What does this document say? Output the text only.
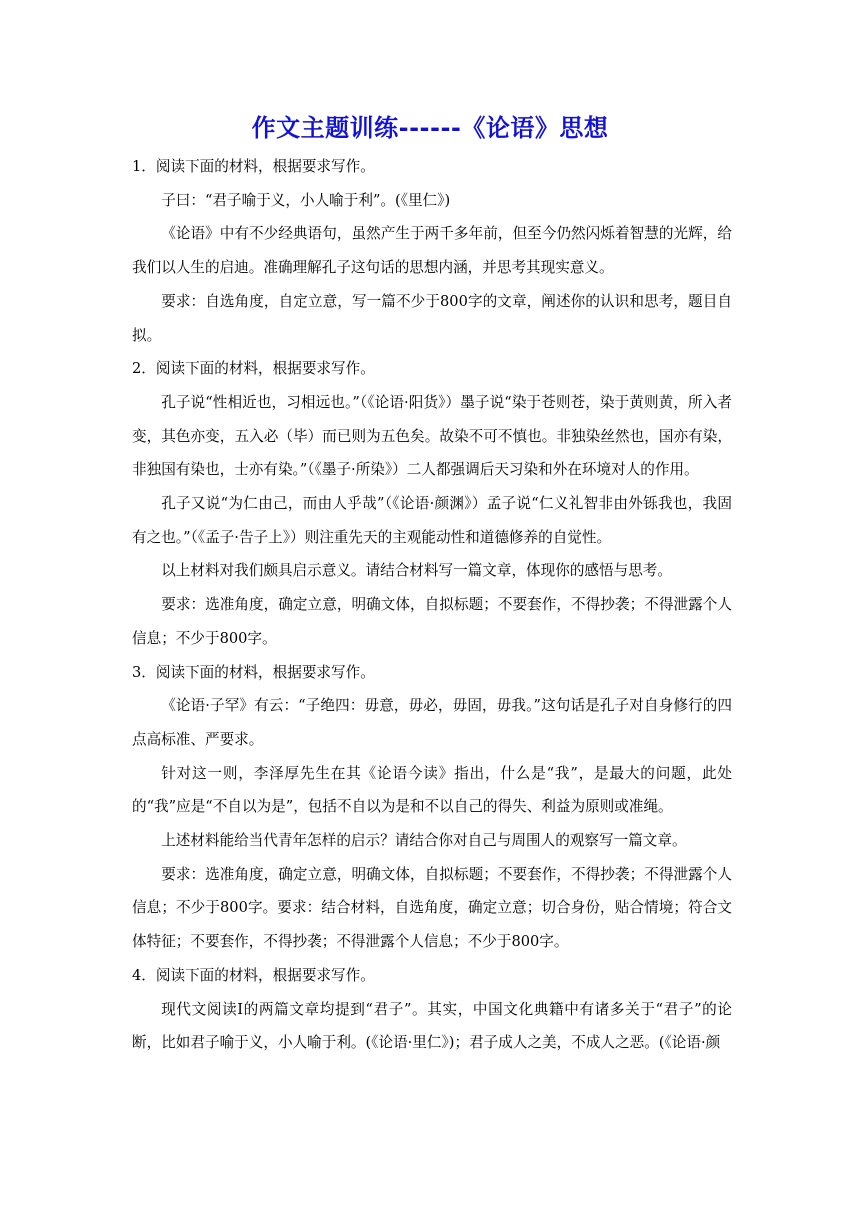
作文主题训练------《论语》思想

1．阅读下面的材料，根据要求写作。

子曰：“君子喻于义，小人喻于利”。(《里仁》)

《论语》中有不少经典语句，虽然产生于两千多年前，但至今仍然闪烁着智慧的光辉，给我们以人生的启迪。准确理解孔子这句话的思想内涵，并思考其现实意义。

要求：自选角度，自定立意，写一篇不少于800字的文章，阐述你的认识和思考，题目自拟。

2．阅读下面的材料，根据要求写作。

孔子说“性相近也，习相远也。”（《论语·阳货》）墨子说“染于苍则苍，染于黄则黄，所入者变，其色亦变，五入必（毕）而已则为五色矣。故染不可不慎也。非独染丝然也，国亦有染，非独国有染也，士亦有染。”（《墨子·所染》）二人都强调后天习染和外在环境对人的作用。

孔子又说“为仁由己，而由人乎哉”（《论语·颜渊》）孟子说“仁义礼智非由外铄我也，我固有之也。”（《孟子·告子上》）则注重先天的主观能动性和道德修养的自觉性。

以上材料对我们颇具启示意义。请结合材料写一篇文章，体现你的感悟与思考。

要求：选准角度，确定立意，明确文体，自拟标题；不要套作，不得抄袭；不得泄露个人信息；不少于800字。

3．阅读下面的材料，根据要求写作。

《论语·子罕》有云：“子绝四：毋意，毋必，毋固，毋我。”这句话是孔子对自身修行的四点高标准、严要求。

针对这一则，李泽厚先生在其《论语今读》指出，什么是“我”，是最大的问题，此处的“我”应是“不自以为是”，包括不自以为是和不以自己的得失、利益为原则或准绳。

上述材料能给当代青年怎样的启示？请结合你对自己与周围人的观察写一篇文章。

要求：选准角度，确定立意，明确文体，自拟标题；不要套作，不得抄袭；不得泄露个人信息；不少于800字。要求：结合材料，自选角度，确定立意；切合身份，贴合情境；符合文体特征；不要套作，不得抄袭；不得泄露个人信息；不少于800字。

4．阅读下面的材料，根据要求写作。

现代文阅读I的两篇文章均提到“君子”。其实，中国文化典籍中有诸多关于“君子”的论断，比如君子喻于义，小人喻于利。(《论语·里仁》)；君子成人之美，不成人之恶。(《论语·颜
